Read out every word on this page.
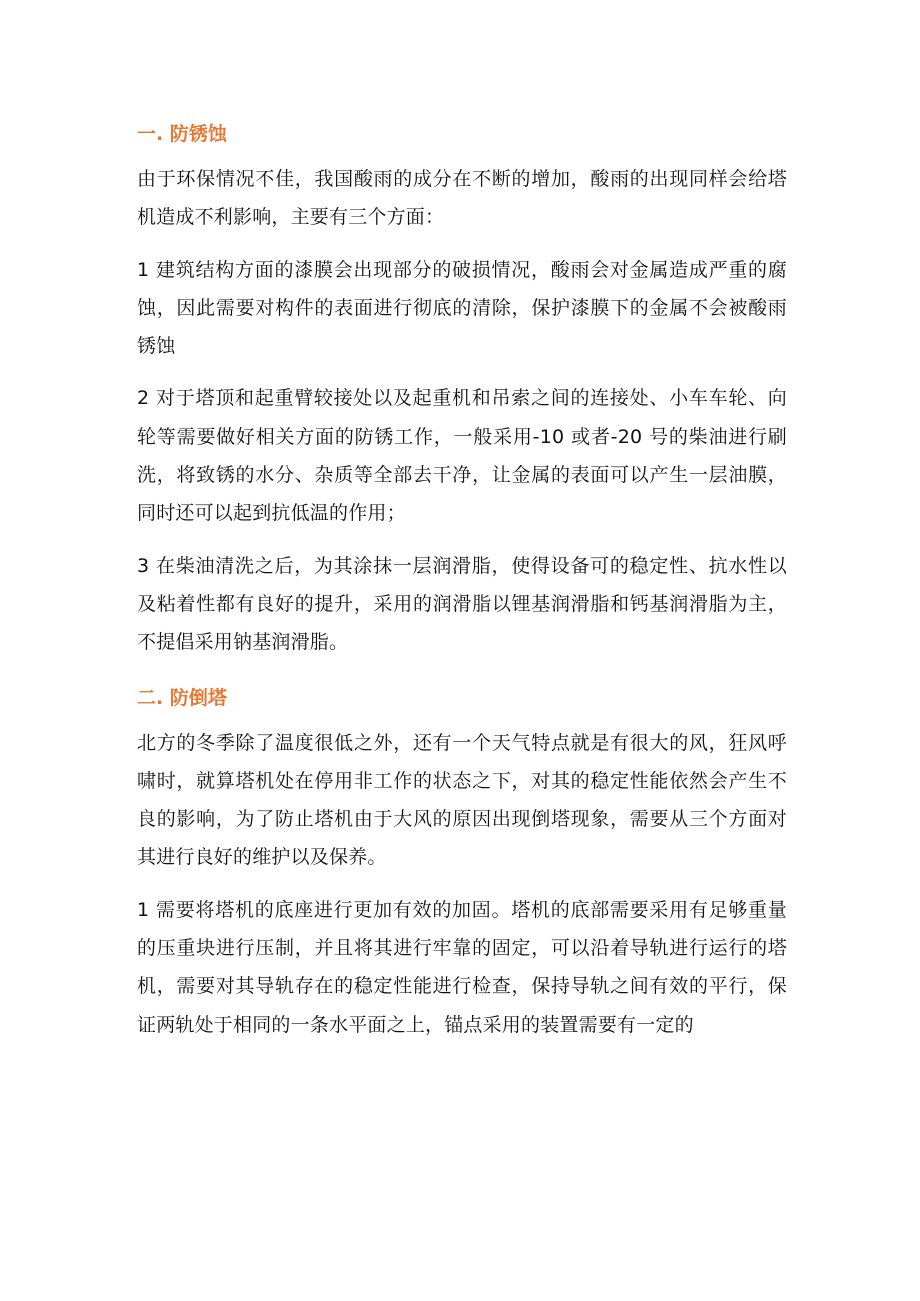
一. 防锈蚀

由于环保情况不佳，我国酸雨的成分在不断的增加，酸雨的出现同样会给塔机造成不利影响，主要有三个方面：

1 建筑结构方面的漆膜会出现部分的破损情况，酸雨会对金属造成严重的腐蚀，因此需要对构件的表面进行彻底的清除，保护漆膜下的金属不会被酸雨锈蚀

2 对于塔顶和起重臂较接处以及起重机和吊索之间的连接处、小车车轮、向轮等需要做好相关方面的防锈工作，一般采用-10 或者-20 号的柴油进行刷洗，将致锈的水分、杂质等全部去干净，让金属的表面可以产生一层油膜，同时还可以起到抗低温的作用；

3 在柴油清洗之后，为其涂抹一层润滑脂，使得设备可的稳定性、抗水性以及粘着性都有良好的提升，采用的润滑脂以锂基润滑脂和钙基润滑脂为主，不提倡采用钠基润滑脂。

二. 防倒塔

北方的冬季除了温度很低之外，还有一个天气特点就是有很大的风，狂风呼啸时，就算塔机处在停用非工作的状态之下，对其的稳定性能依然会产生不良的影响，为了防止塔机由于大风的原因出现倒塔现象，需要从三个方面对其进行良好的维护以及保养。

1 需要将塔机的底座进行更加有效的加固。塔机的底部需要采用有足够重量的压重块进行压制，并且将其进行牢靠的固定，可以沿着导轨进行运行的塔机，需要对其导轨存在的稳定性能进行检查，保持导轨之间有效的平行，保证两轨处于相同的一条水平面之上，锚点采用的装置需要有一定的
